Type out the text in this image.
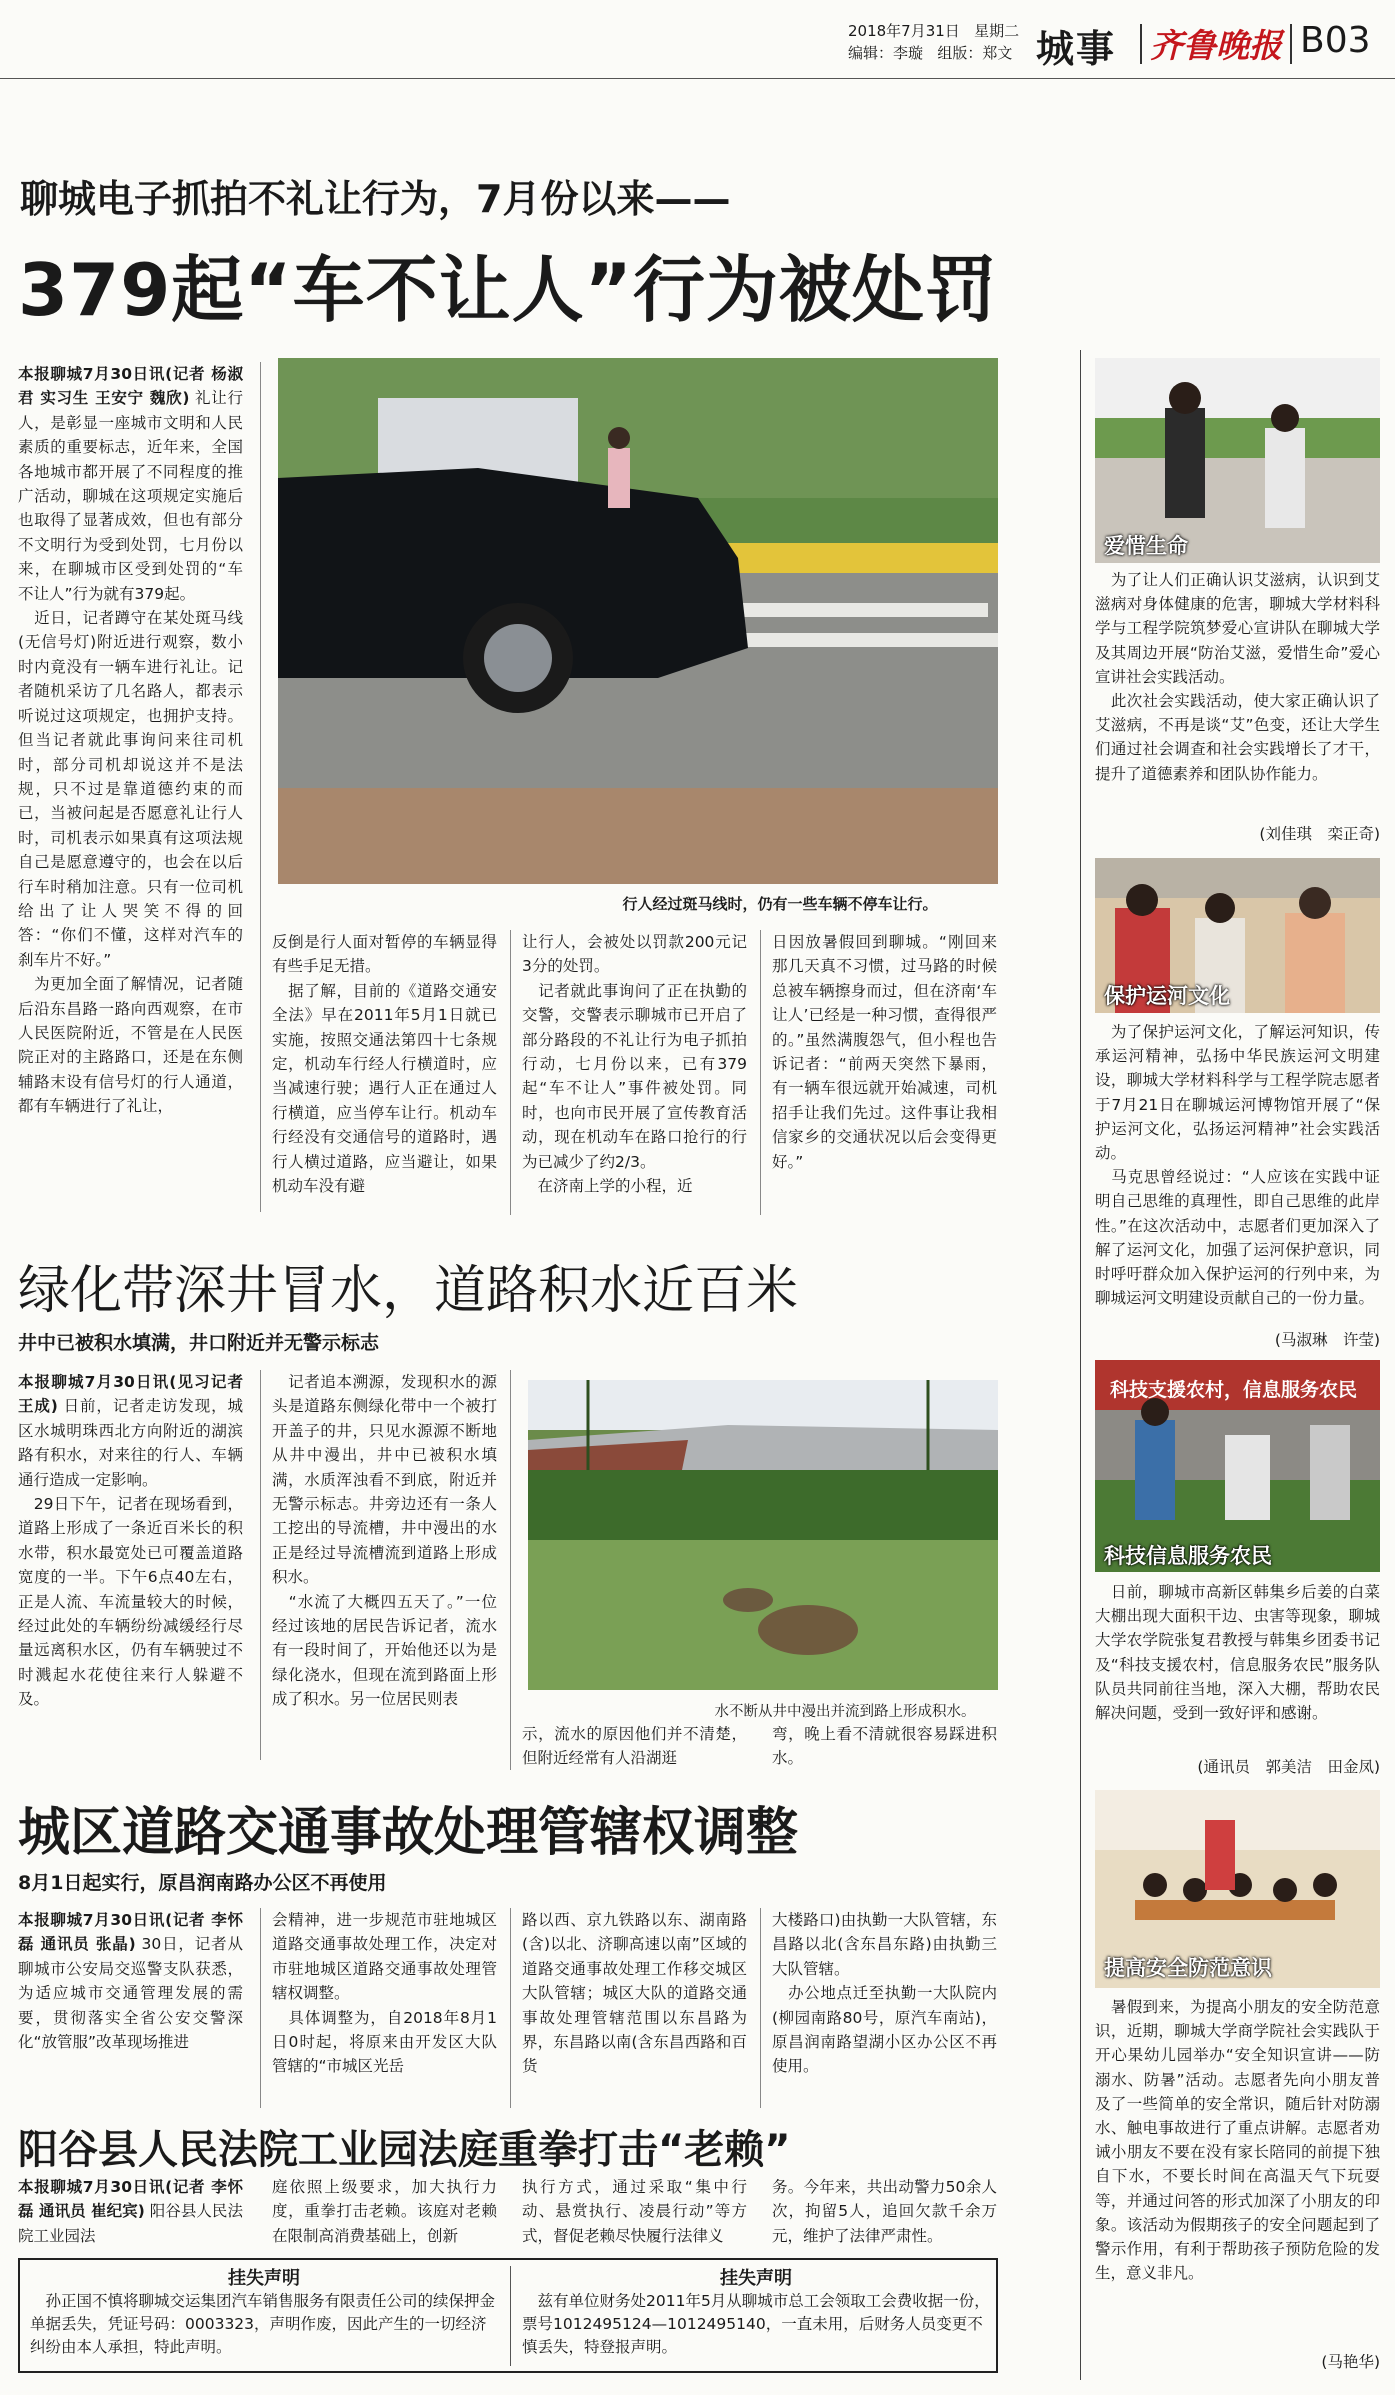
2018年7月31日 星期二
编辑：李璇 组版：郑文 城事 齐鲁晚报 B03
聊城电子抓拍不礼让行为，7月份以来——
379起“车不让人”行为被处罚
本报聊城7月30日讯(记者 杨淑君 实习生 王安宁 魏欣) 礼让行人，是彰显一座城市文明和人民素质的重要标志，近年来，全国各地城市都开展了不同程度的推广活动，聊城在这项规定实施后也取得了显著成效，但也有部分不文明行为受到处罚，七月份以来，在聊城市区受到处罚的“车不让人”行为就有379起。
　近日，记者蹲守在某处斑马线(无信号灯)附近进行观察，数小时内竟没有一辆车进行礼让。记者随机采访了几名路人，都表示听说过这项规定，也拥护支持。但当记者就此事询问来往司机时，部分司机却说这并不是法规，只不过是靠道德约束的而已，当被问起是否愿意礼让行人时，司机表示如果真有这项法规自己是愿意遵守的，也会在以后行车时稍加注意。只有一位司机给出了让人哭笑不得的回答：“你们不懂，这样对汽车的刹车片不好。”
　为更加全面了解情况，记者随后沿东昌路一路向西观察，在市人民医院附近，不管是在人民医院正对的主路路口，还是在东侧辅路末设有信号灯的行人通道，都有车辆进行了礼让，
行人经过斑马线时，仍有一些车辆不停车让行。
反倒是行人面对暂停的车辆显得有些手足无措。
　据了解，目前的《道路交通安全法》早在2011年5月1日就已实施，按照交通法第四十七条规定，机动车行经人行横道时，应当减速行驶；遇行人正在通过人行横道，应当停车让行。机动车行经没有交通信号的道路时，遇行人横过道路，应当避让，如果机动车没有避
让行人，会被处以罚款200元记3分的处罚。
　记者就此事询问了正在执勤的交警，交警表示聊城市已开启了部分路段的不礼让行为电子抓拍行动，七月份以来，已有379起“车不让人”事件被处罚。同时，也向市民开展了宣传教育活动，现在机动车在路口抢行的行为已减少了约2/3。
　在济南上学的小程，近
日因放暑假回到聊城。“刚回来那几天真不习惯，过马路的时候总被车辆擦身而过，但在济南‘车让人’已经是一种习惯，查得很严的。”虽然满腹怨气，但小程也告诉记者：“前两天突然下暴雨，有一辆车很远就开始减速，司机招手让我们先过。这件事让我相信家乡的交通状况以后会变得更好。”
绿化带深井冒水，道路积水近百米
井中已被积水填满，井口附近并无警示标志
本报聊城7月30日讯(见习记者 王成) 日前，记者走访发现，城区水城明珠西北方向附近的湖滨路有积水，对来往的行人、车辆通行造成一定影响。
　29日下午，记者在现场看到，道路上形成了一条近百米长的积水带，积水最宽处已可覆盖道路宽度的一半。下午6点40左右，正是人流、车流量较大的时候，经过此处的车辆纷纷减缓经行尽量远离积水区，仍有车辆驶过不时溅起水花使往来行人躲避不及。
　记者追本溯源，发现积水的源头是道路东侧绿化带中一个被打开盖子的井，只见水源源不断地从井中漫出，井中已被积水填满，水质浑浊看不到底，附近并无警示标志。井旁边还有一条人工挖出的导流槽，井中漫出的水正是经过导流槽流到道路上形成积水。
　“水流了大概四五天了。”一位经过该地的居民告诉记者，流水有一段时间了，开始他还以为是绿化浇水，但现在流到路面上形成了积水。另一位居民则表
水不断从井中漫出并流到路上形成积水。
示，流水的原因他们并不清楚，但附近经常有人沿湖逛
弯，晚上看不清就很容易踩进积水。
城区道路交通事故处理管辖权调整
8月1日起实行，原昌润南路办公区不再使用
本报聊城7月30日讯(记者 李怀磊 通讯员 张晶) 30日，记者从聊城市公安局交巡警支队获悉，为适应城市交通管理发展的需要，贯彻落实全省公安交警深化“放管服”改革现场推进
会精神，进一步规范市驻地城区道路交通事故处理工作，决定对市驻地城区道路交通事故处理管辖权调整。
　具体调整为，自2018年8月1日0时起，将原来由开发区大队管辖的“市城区光岳
路以西、京九铁路以东、湖南路(含)以北、济聊高速以南”区域的道路交通事故处理工作移交城区大队管辖；城区大队的道路交通事故处理管辖范围以东昌路为界，东昌路以南(含东昌西路和百货
大楼路口)由执勤一大队管辖，东昌路以北(含东昌东路)由执勤三大队管辖。
　办公地点迁至执勤一大队院内(柳园南路80号，原汽车南站)，原昌润南路望湖小区办公区不再使用。
阳谷县人民法院工业园法庭重拳打击“老赖”
本报聊城7月30日讯(记者 李怀磊 通讯员 崔纪宾) 阳谷县人民法院工业园法
庭依照上级要求，加大执行力度，重拳打击老赖。该庭对老赖在限制高消费基础上，创新
执行方式，通过采取“集中行动、悬赏执行、凌晨行动”等方式，督促老赖尽快履行法律义
务。今年来，共出动警力50余人次，拘留5人，追回欠款千余万元，维护了法律严肃性。
挂失声明
　孙正国不慎将聊城交运集团汽车销售服务有限责任公司的续保押金单据丢失，凭证号码：0003323，声明作废，因此产生的一切经济纠纷由本人承担，特此声明。
挂失声明
　兹有单位财务处2011年5月从聊城市总工会领取工会费收据一份，票号1012495124—1012495140，一直未用，后财务人员变更不慎丢失，特登报声明。
爱惜生命
　为了让人们正确认识艾滋病，认识到艾滋病对身体健康的危害，聊城大学材料科学与工程学院筑梦爱心宣讲队在聊城大学及其周边开展“防治艾滋，爱惜生命”爱心宣讲社会实践活动。
　此次社会实践活动，使大家正确认识了艾滋病，不再是谈“艾”色变，还让大学生们通过社会调查和社会实践增长了才干，提升了道德素养和团队协作能力。
(刘佳琪　栾正奇)
保护运河文化
　为了保护运河文化，了解运河知识，传承运河精神，弘扬中华民族运河文明建设，聊城大学材料科学与工程学院志愿者于7月21日在聊城运河博物馆开展了“保护运河文化，弘扬运河精神”社会实践活动。
　马克思曾经说过：“人应该在实践中证明自己思维的真理性，即自己思维的此岸性。”在这次活动中，志愿者们更加深入了解了运河文化，加强了运河保护意识，同时呼吁群众加入保护运河的行列中来，为聊城运河文明建设贡献自己的一份力量。
(马淑琳　许莹)
科技支援农村，信息服务农民
科技信息服务农民
　日前，聊城市高新区韩集乡后姜的白菜大棚出现大面积干边、虫害等现象，聊城大学农学院张复君教授与韩集乡团委书记及“科技支援农村，信息服务农民”服务队队员共同前往当地，深入大棚，帮助农民解决问题，受到一致好评和感谢。
(通讯员　郭美洁　田金凤)
提高安全防范意识
　暑假到来，为提高小朋友的安全防范意识，近期，聊城大学商学院社会实践队于开心果幼儿园举办“安全知识宣讲——防溺水、防暑”活动。志愿者先向小朋友普及了一些简单的安全常识，随后针对防溺水、触电事故进行了重点讲解。志愿者劝诫小朋友不要在没有家长陪同的前提下独自下水，不要长时间在高温天气下玩耍等，并通过问答的形式加深了小朋友的印象。该活动为假期孩子的安全问题起到了警示作用，有利于帮助孩子预防危险的发生，意义非凡。
(马艳华)
